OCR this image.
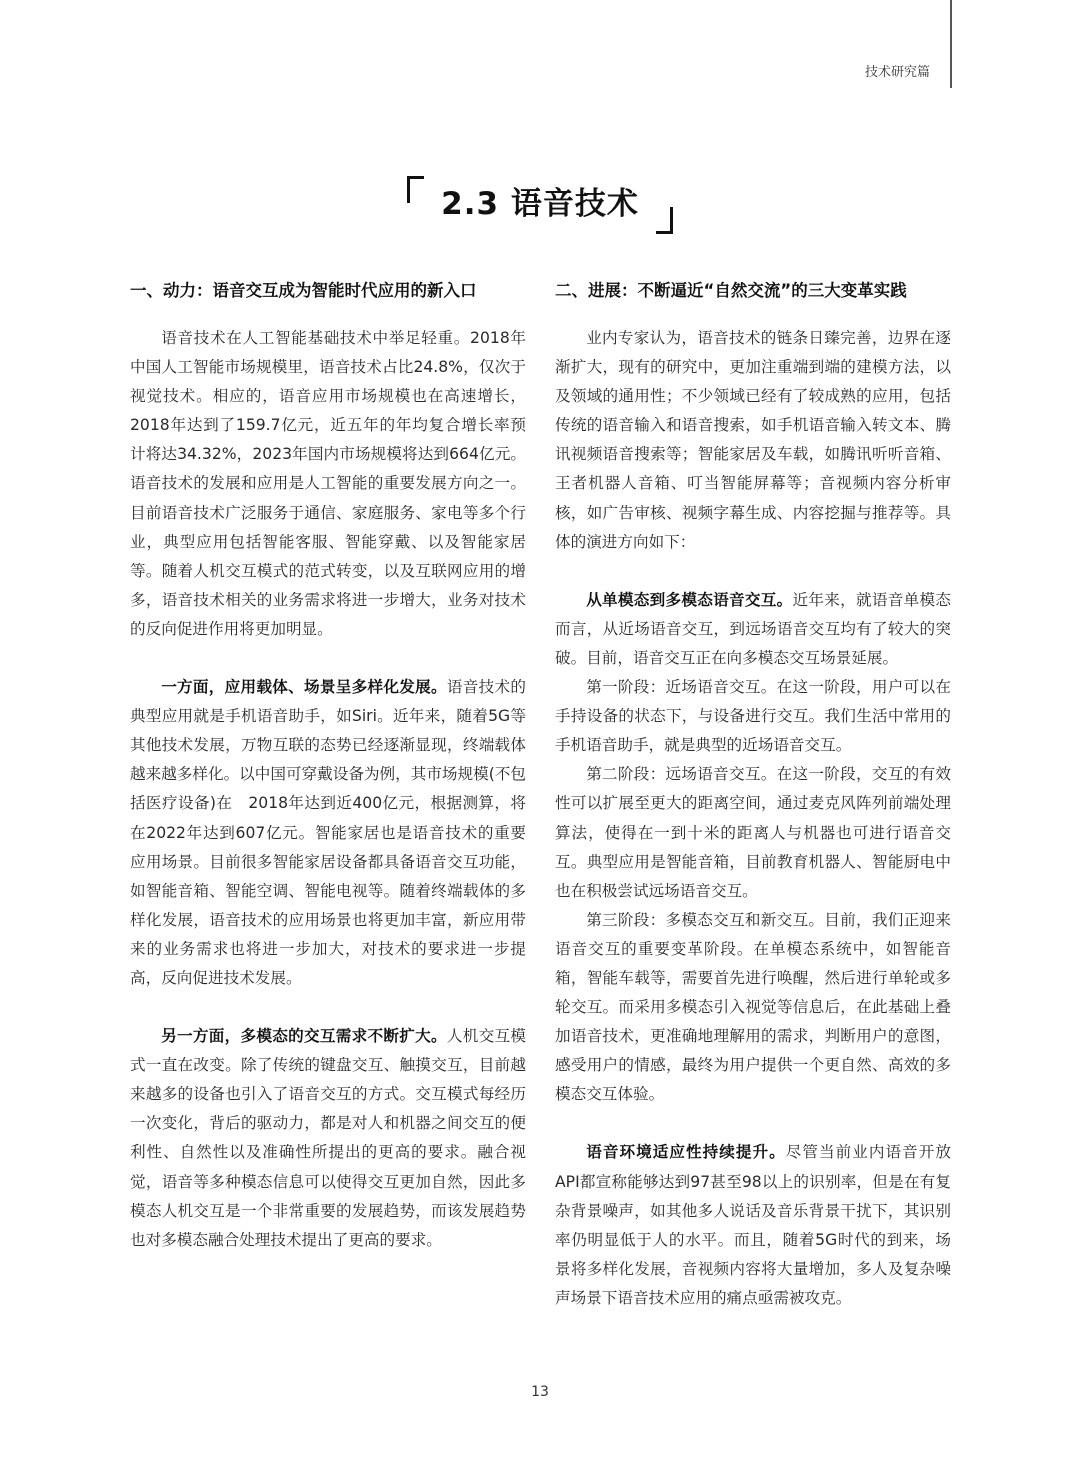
技术研究篇
2.3 语音技术
一、动力：语音交互成为智能时代应用的新入口

语音技术在人工智能基础技术中举足轻重。2018年中国人工智能市场规模里，语音技术占比24.8%，仅次于视觉技术。相应的，语音应用市场规模也在高速增长，2018年达到了159.7亿元，近五年的年均复合增长率预计将达34.32%，2023年国内市场规模将达到664亿元。语音技术的发展和应用是人工智能的重要发展方向之一。目前语音技术广泛服务于通信、家庭服务、家电等多个行业，典型应用包括智能客服、智能穿戴、以及智能家居等。随着人机交互模式的范式转变，以及互联网应用的增多，语音技术相关的业务需求将进一步增大，业务对技术的反向促进作用将更加明显。

一方面，应用载体、场景呈多样化发展。语音技术的典型应用就是手机语音助手，如Siri。近年来，随着5G等其他技术发展，万物互联的态势已经逐渐显现，终端载体越来越多样化。以中国可穿戴设备为例，其市场规模(不包括医疗设备)在　2018年达到近400亿元，根据测算，将在2022年达到607亿元。智能家居也是语音技术的重要应用场景。目前很多智能家居设备都具备语音交互功能，如智能音箱、智能空调、智能电视等。随着终端载体的多样化发展，语音技术的应用场景也将更加丰富，新应用带来的业务需求也将进一步加大，对技术的要求进一步提高，反向促进技术发展。

另一方面，多模态的交互需求不断扩大。人机交互模式一直在改变。除了传统的键盘交互、触摸交互，目前越来越多的设备也引入了语音交互的方式。交互模式每经历一次变化，背后的驱动力，都是对人和机器之间交互的便利性、自然性以及准确性所提出的更高的要求。融合视觉，语音等多种模态信息可以使得交互更加自然，因此多模态人机交互是一个非常重要的发展趋势，而该发展趋势也对多模态融合处理技术提出了更高的要求。

二、进展：不断逼近“自然交流”的三大变革实践

业内专家认为，语音技术的链条日臻完善，边界在逐渐扩大，现有的研究中，更加注重端到端的建模方法，以及领域的通用性；不少领域已经有了较成熟的应用，包括传统的语音输入和语音搜索，如手机语音输入转文本、腾讯视频语音搜索等；智能家居及车载，如腾讯听听音箱、王者机器人音箱、叮当智能屏幕等；音视频内容分析审核，如广告审核、视频字幕生成、内容挖掘与推荐等。具体的演进方向如下：

从单模态到多模态语音交互。近年来，就语音单模态而言，从近场语音交互，到远场语音交互均有了较大的突破。目前，语音交互正在向多模态交互场景延展。

第一阶段：近场语音交互。在这一阶段，用户可以在手持设备的状态下，与设备进行交互。我们生活中常用的手机语音助手，就是典型的近场语音交互。

第二阶段：远场语音交互。在这一阶段，交互的有效性可以扩展至更大的距离空间，通过麦克风阵列前端处理算法，使得在一到十米的距离人与机器也可进行语音交互。典型应用是智能音箱，目前教育机器人、智能厨电中也在积极尝试远场语音交互。

第三阶段：多模态交互和新交互。目前，我们正迎来语音交互的重要变革阶段。在单模态系统中，如智能音箱，智能车载等，需要首先进行唤醒，然后进行单轮或多轮交互。而采用多模态引入视觉等信息后，在此基础上叠加语音技术，更准确地理解用的需求，判断用户的意图，感受用户的情感，最终为用户提供一个更自然、高效的多模态交互体验。

语音环境适应性持续提升。尽管当前业内语音开放API都宣称能够达到97甚至98以上的识别率，但是在有复杂背景噪声，如其他多人说话及音乐背景干扰下，其识别率仍明显低于人的水平。而且，随着5G时代的到来，场景将多样化发展，音视频内容将大量增加，多人及复杂噪声场景下语音技术应用的痛点亟需被攻克。

13
